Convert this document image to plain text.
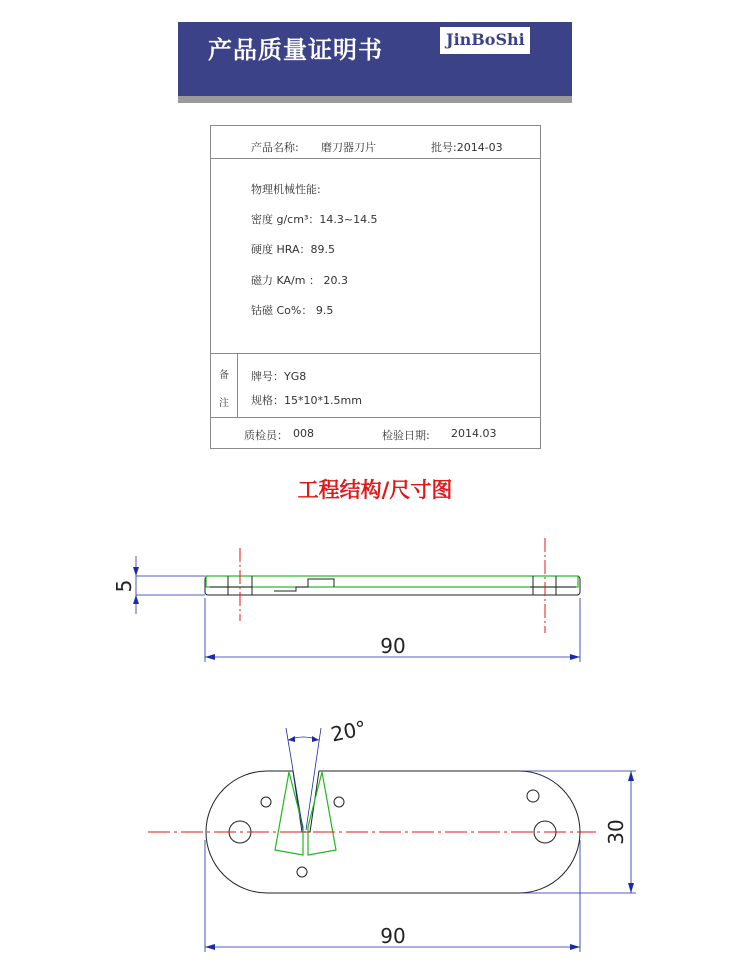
产品质量证明书	JinBoShi
产品名称: 磨刀器刀片	批号:2014-03
物理机械性能:
密度 g/cm³：14.3~14.5
硬度 HRA：89.5
磁力 KA/m ： 20.3
钴磁 Co%： 9.5
备
注
牌号：YG8
规格：15*10*1.5mm
质检员： 008	检验日期: 2014.03
工程结构/尺寸图
5
90
20°
30
90
